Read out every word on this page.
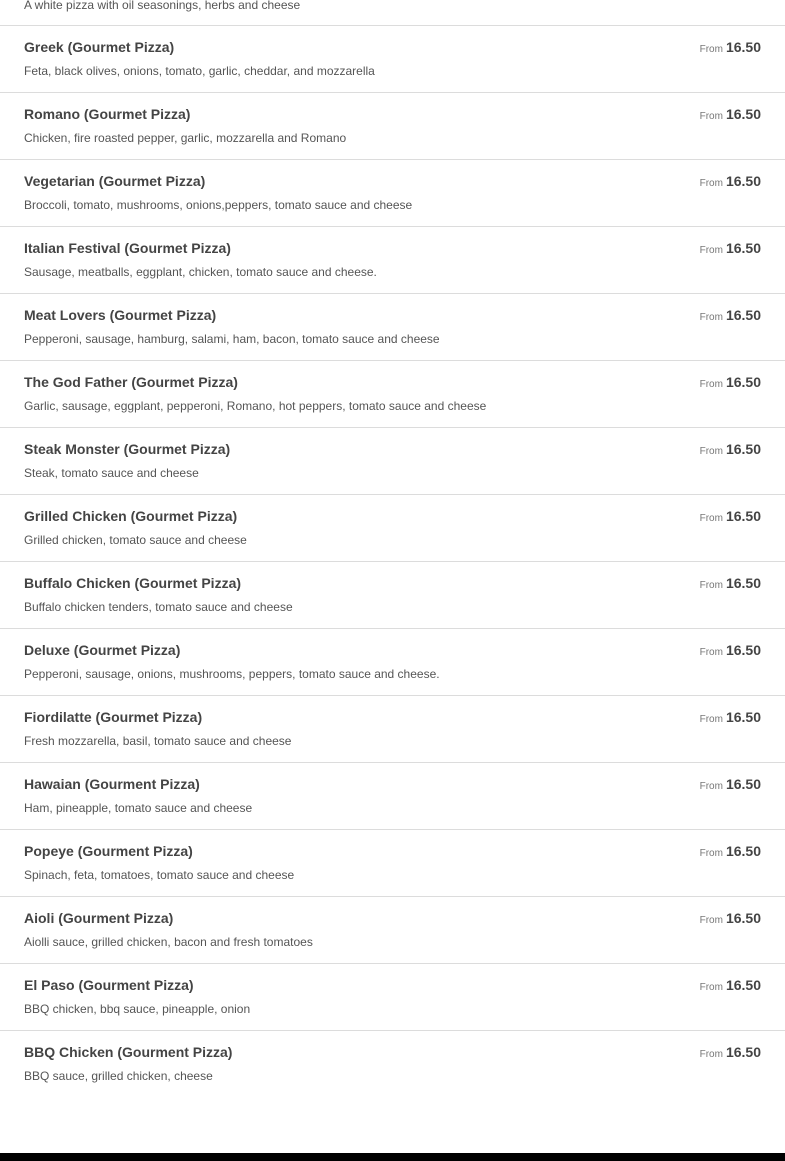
A white pizza with oil seasonings, herbs and cheese
Greek (Gourmet Pizza)
Feta, black olives, onions, tomato, garlic, cheddar, and mozzarella
From 16.50
Romano (Gourmet Pizza)
Chicken, fire roasted pepper, garlic, mozzarella and Romano
From 16.50
Vegetarian (Gourmet Pizza)
Broccoli, tomato, mushrooms, onions,peppers, tomato sauce and cheese
From 16.50
Italian Festival (Gourmet Pizza)
Sausage, meatballs, eggplant, chicken, tomato sauce and cheese.
From 16.50
Meat Lovers (Gourmet Pizza)
Pepperoni, sausage, hamburg, salami, ham, bacon, tomato sauce and cheese
From 16.50
The God Father (Gourmet Pizza)
Garlic, sausage, eggplant, pepperoni, Romano, hot peppers, tomato sauce and cheese
From 16.50
Steak Monster (Gourmet Pizza)
Steak, tomato sauce and cheese
From 16.50
Grilled Chicken (Gourmet Pizza)
Grilled chicken, tomato sauce and cheese
From 16.50
Buffalo Chicken (Gourmet Pizza)
Buffalo chicken tenders, tomato sauce and cheese
From 16.50
Deluxe (Gourmet Pizza)
Pepperoni, sausage, onions, mushrooms, peppers, tomato sauce and cheese.
From 16.50
Fiordilatte (Gourmet Pizza)
Fresh mozzarella, basil, tomato sauce and cheese
From 16.50
Hawaian (Gourment Pizza)
Ham, pineapple, tomato sauce and cheese
From 16.50
Popeye (Gourment Pizza)
Spinach, feta, tomatoes, tomato sauce and cheese
From 16.50
Aioli (Gourment Pizza)
Aiolli sauce, grilled chicken, bacon and fresh tomatoes
From 16.50
El Paso (Gourment Pizza)
BBQ chicken, bbq sauce, pineapple, onion
From 16.50
BBQ Chicken (Gourment Pizza)
BBQ sauce, grilled chicken, cheese
From 16.50
